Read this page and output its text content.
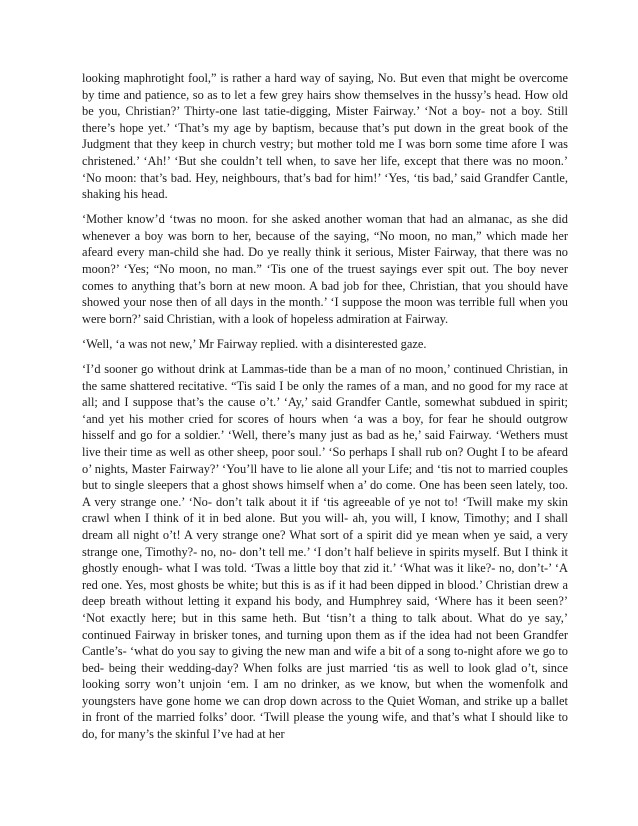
looking maphrotight fool,” is rather a hard way of saying, No. But even that might be overcome by time and patience, so as to let a few grey hairs show themselves in the hussy’s head. How old be you, Christian?’ Thirty-one last tatie-digging, Mister Fairway.’ ‘Not a boy- not a boy. Still there’s hope yet.’ ‘That’s my age by baptism, because that’s put down in the great book of the Judgment that they keep in church vestry; but mother told me I was born some time afore I was christened.’ ‘Ah!’ ‘But she couldn’t tell when, to save her life, except that there was no moon.’ ‘No moon: that’s bad. Hey, neighbours, that’s bad for him!’ ‘Yes, ‘tis bad,’ said Grandfer Cantle, shaking his head.

‘Mother know’d ‘twas no moon. for she asked another woman that had an almanac, as she did whenever a boy was born to her, because of the saying, “No moon, no man,” which made her afeard every man-child she had. Do ye really think it serious, Mister Fairway, that there was no moon?’ ‘Yes; “No moon, no man.” ‘Tis one of the truest sayings ever spit out. The boy never comes to anything that’s born at new moon. A bad job for thee, Christian, that you should have showed your nose then of all days in the month.’ ‘I suppose the moon was terrible full when you were born?’ said Christian, with a look of hopeless admiration at Fairway.

‘Well, ‘a was not new,’ Mr Fairway replied. with a disinterested gaze.

‘I’d sooner go without drink at Lammas-tide than be a man of no moon,’ continued Christian, in the same shattered recitative. “Tis said I be only the rames of a man, and no good for my race at all; and I suppose that’s the cause o’t.’ ‘Ay,’ said Grandfer Cantle, somewhat subdued in spirit; ‘and yet his mother cried for scores of hours when ‘a was a boy, for fear he should outgrow hisself and go for a soldier.’ ‘Well, there’s many just as bad as he,’ said Fairway. ‘Wethers must live their time as well as other sheep, poor soul.’ ‘So perhaps I shall rub on? Ought I to be afeard o’ nights, Master Fairway?’ ‘You’ll have to lie alone all your Life; and ‘tis not to married couples but to single sleepers that a ghost shows himself when a’ do come. One has been seen lately, too. A very strange one.’ ‘No- don’t talk about it if ‘tis agreeable of ye not to! ‘Twill make my skin crawl when I think of it in bed alone. But you will- ah, you will, I know, Timothy; and I shall dream all night o’t! A very strange one? What sort of a spirit did ye mean when ye said, a very strange one, Timothy?- no, no- don’t tell me.’ ‘I don’t half believe in spirits myself. But I think it ghostly enough- what I was told. ‘Twas a little boy that zid it.’ ‘What was it like?- no, don’t-’ ‘A red one. Yes, most ghosts be white; but this is as if it had been dipped in blood.’ Christian drew a deep breath without letting it expand his body, and Humphrey said, ‘Where has it been seen?’ ‘Not exactly here; but in this same heth. But ‘tisn’t a thing to talk about. What do ye say,’ continued Fairway in brisker tones, and turning upon them as if the idea had not been Grandfer Cantle’s- ‘what do you say to giving the new man and wife a bit of a song to-night afore we go to bed- being their wedding-day? When folks are just married ‘tis as well to look glad o’t, since looking sorry won’t unjoin ‘em. I am no drinker, as we know, but when the womenfolk and youngsters have gone home we can drop down across to the Quiet Woman, and strike up a ballet in front of the married folks’ door. ‘Twill please the young wife, and that’s what I should like to do, for many’s the skinful I’ve had at her
